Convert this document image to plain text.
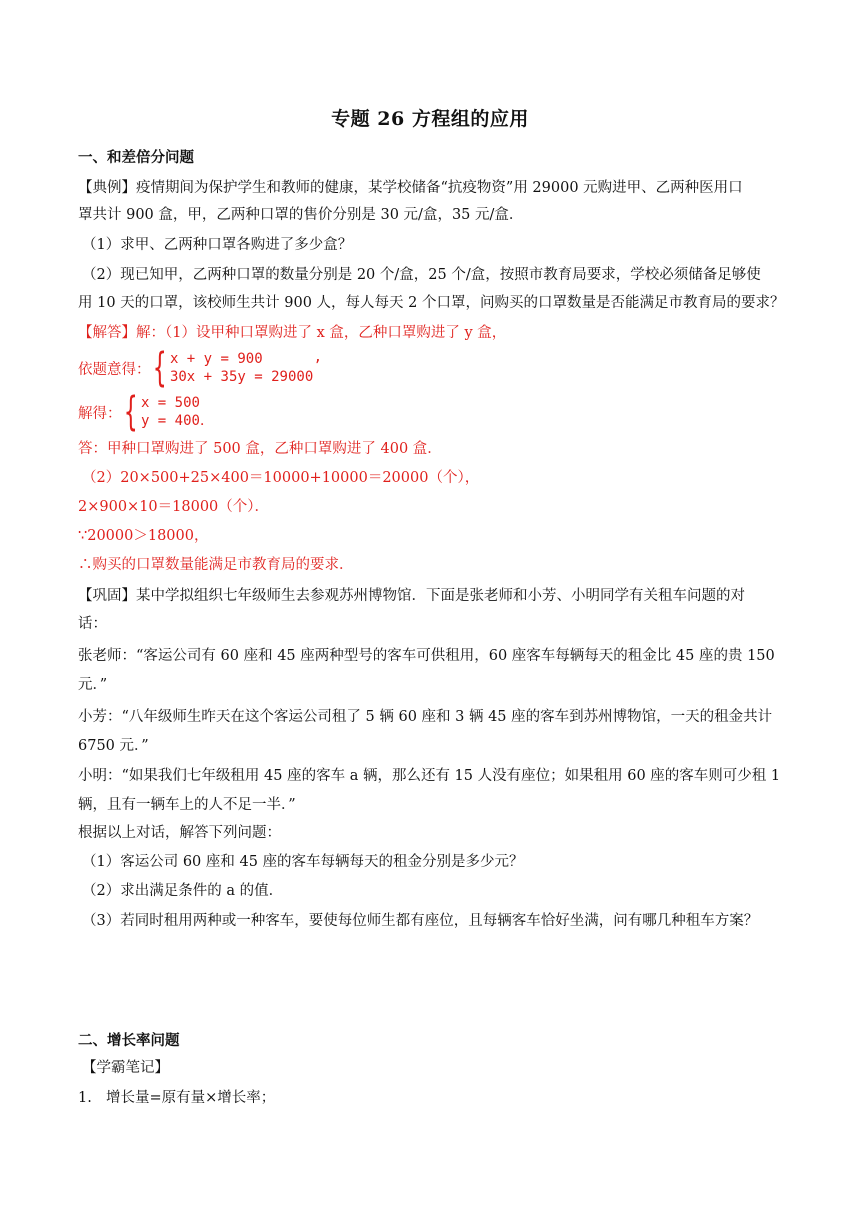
专题 26 方程组的应用
一、和差倍分问题
【典例】疫情期间为保护学生和教师的健康，某学校储备“抗疫物资”用 29000 元购进甲、乙两种医用口
罩共计 900 盒，甲，乙两种口罩的售价分别是 30 元/盒，35 元/盒．
（1）求甲、乙两种口罩各购进了多少盒？
（2）现已知甲，乙两种口罩的数量分别是 20 个/盒，25 个/盒，按照市教育局要求，学校必须储备足够使
用 10 天的口罩，该校师生共计 900 人，每人每天 2 个口罩，问购买的口罩数量是否能满足市教育局的要求？
【解答】解：（1）设甲种口罩购进了 x 盒，乙种口罩购进了 y 盒，
依题意得： { x + y = 900
30x + 35y = 29000
’
解得： { x = 500
y = 400 ．
答：甲种口罩购进了 500 盒，乙种口罩购进了 400 盒．
（2）20×500+25×400＝10000+10000＝20000（个），
2×900×10＝18000（个）．
∵20000＞18000，
∴购买的口罩数量能满足市教育局的要求．
【巩固】某中学拟组织七年级师生去参观苏州博物馆．下面是张老师和小芳、小明同学有关租车问题的对
话：
张老师：“客运公司有 60 座和 45 座两种型号的客车可供租用，60 座客车每辆每天的租金比 45 座的贵 150
元．”
小芳：“八年级师生昨天在这个客运公司租了 5 辆 60 座和 3 辆 45 座的客车到苏州博物馆，一天的租金共计
6750 元．”
小明：“如果我们七年级租用 45 座的客车 a 辆，那么还有 15 人没有座位；如果租用 60 座的客车则可少租 1
辆，且有一辆车上的人不足一半．”
根据以上对话，解答下列问题：
（1）客运公司 60 座和 45 座的客车每辆每天的租金分别是多少元？
（2）求出满足条件的 a 的值．
（3）若同时租用两种或一种客车，要使每位师生都有座位，且每辆客车恰好坐满，问有哪几种租车方案？
二、增长率问题
【学霸笔记】
1. 增长量=原有量×增长率；
